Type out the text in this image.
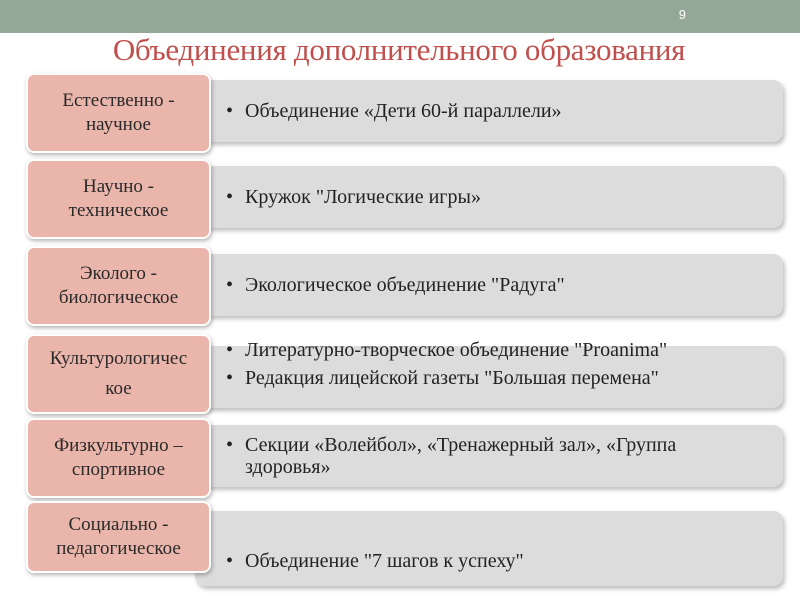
9
Объединения дополнительного образования
• Объединение «Дети 60-й параллели»
Естественно -
научное
• Кружок "Логические игры»
Научно -
техническое
• Экологическое объединение "Радуга"
Эколого -
биологическое
• Литературно-творческое объединение "Proanima"
• Редакция лицейской газеты "Большая перемена"
Культурологичес
кое
• Секции «Волейбол», «Тренажерный зал», «Группа здоровья»
Физкультурно –
спортивное
• Объединение "7 шагов к успеху"
Социально -
педагогическое
